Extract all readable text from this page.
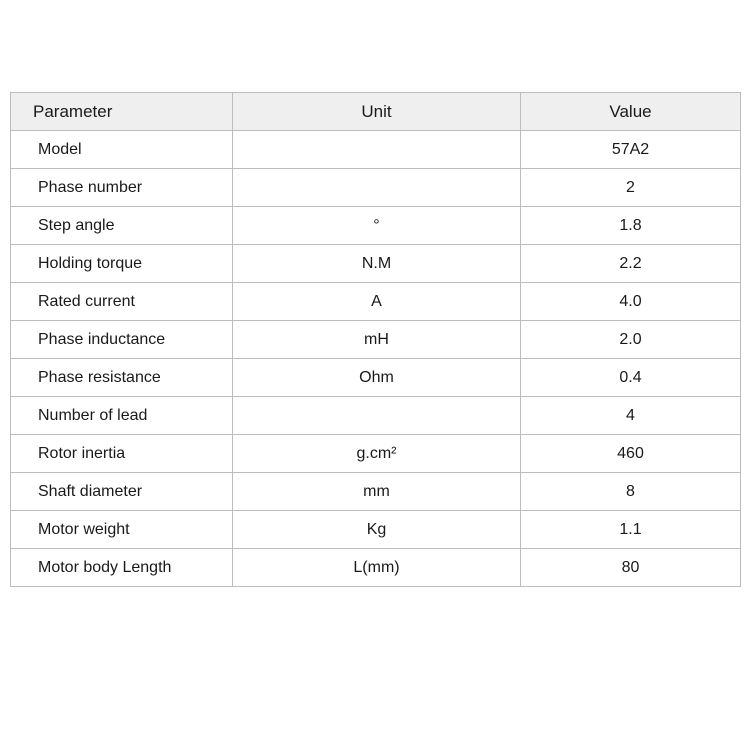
Parameter	Unit	Value
Model		57A2
Phase number		2
Step angle	°	1.8
Holding torque	N.M	2.2
Rated current	A	4.0
Phase inductance	mH	2.0
Phase resistance	Ohm	0.4
Number of lead		4
Rotor inertia	g.cm²	460
Shaft diameter	mm	8
Motor weight	Kg	1.1
Motor body Length	L(mm)	80
